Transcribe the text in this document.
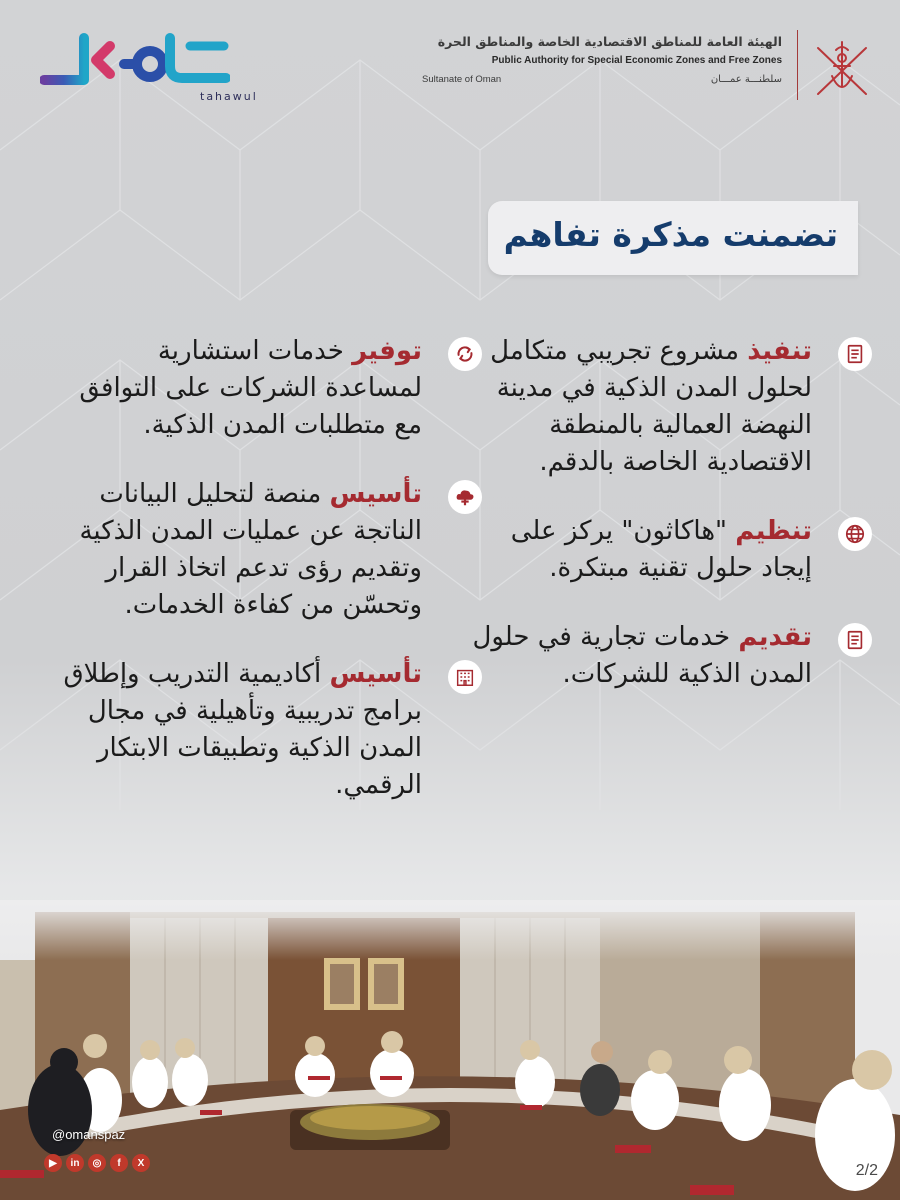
tahawul
الهيئة العامة للمناطق الاقتصادية الخاصة والمناطق الحرة
Public Authority for Special Economic Zones and Free Zones
Sultanate of Oman	سلطنـــة عمـــان
تضمنت مذكرة تفاهم

تنفيذ مشروع تجريبي متكامل لحلول المدن الذكية في مدينة النهضة العمالية بالمنطقة الاقتصادية الخاصة بالدقم.

تنظيم "هاكاثون" يركز على إيجاد حلول تقنية مبتكرة.

تقديم خدمات تجارية في حلول المدن الذكية للشركات.

توفير خدمات استشارية لمساعدة الشركات على التوافق مع متطلبات المدن الذكية.

تأسيس منصة لتحليل البيانات الناتجة عن عمليات المدن الذكية وتقديم رؤى تدعم اتخاذ القرار وتحسّن من كفاءة الخدمات.

تأسيس أكاديمية التدريب وإطلاق برامج تدريبية وتأهيلية في مجال المدن الذكية وتطبيقات الابتكار الرقمي.

@omanspaz
▶	in	◎	f	X	2/2
